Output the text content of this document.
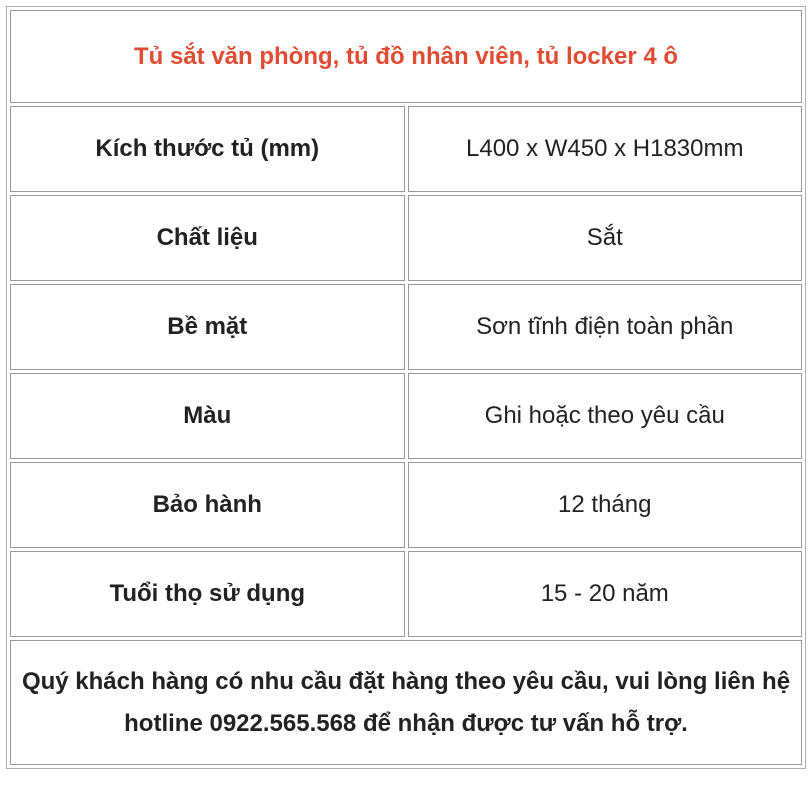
Tủ sắt văn phòng, tủ đồ nhân viên, tủ locker 4 ô	
Kích thước tủ (mm)	L400 x W450 x H1830mm
Chất liệu	Sắt
Bề mặt	Sơn tĩnh điện toàn phần
Màu	Ghi hoặc theo yêu cầu
Bảo hành	12 tháng
Tuổi thọ sử dụng	15 - 20 năm
Quý khách hàng có nhu cầu đặt hàng theo yêu cầu, vui lòng liên hệ hotline 0922.565.568 để nhận được tư vấn hỗ trợ.	
